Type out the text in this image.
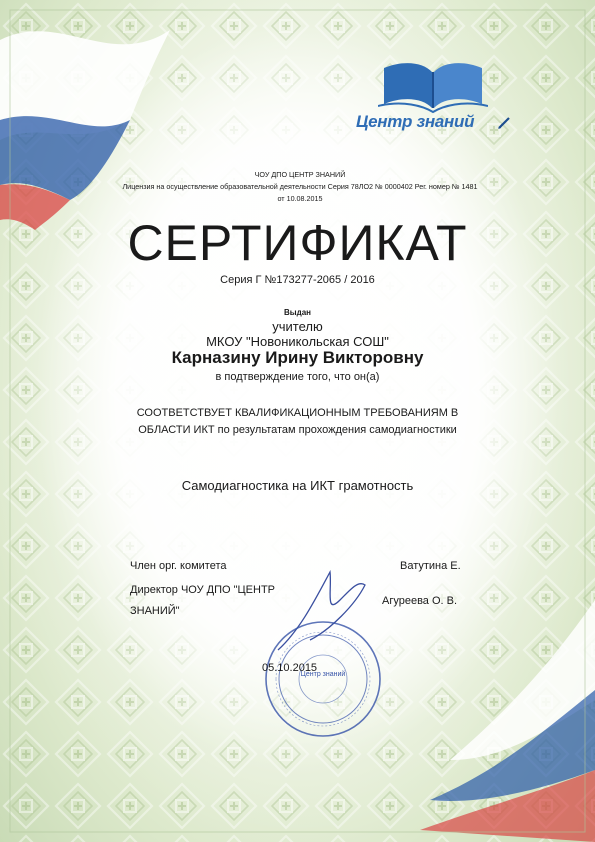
Центр знаний
ЧОУ ДПО ЦЕНТР ЗНАНИЙ
Лицензия на осуществление образовательной деятельности Серия 78ЛО2 № 0000402 Рег. номер № 1481 от 10.08.2015
СЕРТИФИКАТ
Серия Г №173277-2065 / 2016
Выдан
учителю
МКОУ "Новоникольская СОШ"
Карназину Ирину Викторовну
в подтверждение того, что он(а)
СООТВЕТСТВУЕТ КВАЛИФИКАЦИОННЫМ ТРЕБОВАНИЯМ В ОБЛАСТИ ИКТ по результатам прохождения самодиагностики
Самодиагностика на ИКТ грамотность
Член орг. комитета	Ватутина Е.
Директор ЧОУ ДПО "ЦЕНТР ЗНАНИЙ"
Агуреева О. В.
Центр знаний
05.10.2015
